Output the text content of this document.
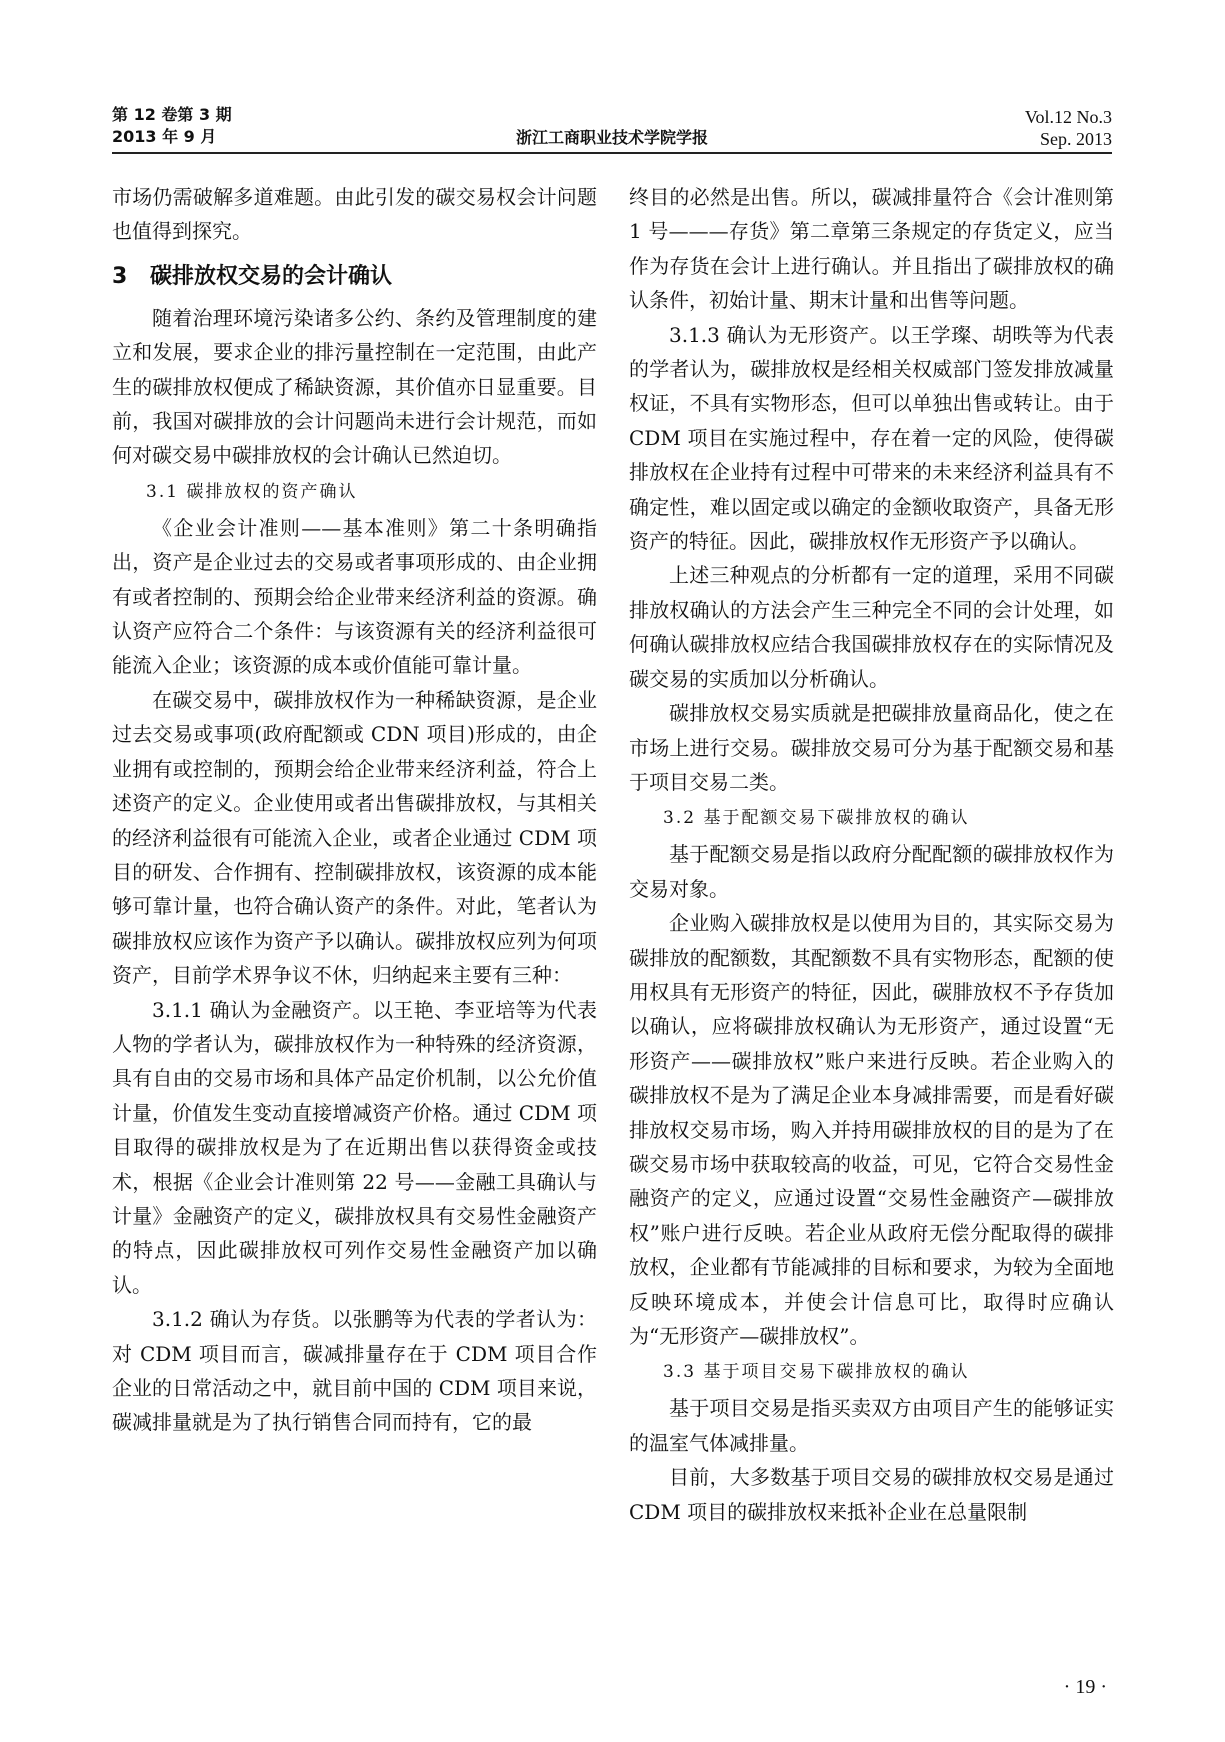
第 12 卷第 3 期
2013 年 9 月	浙江工商职业技术学院学报
Vol.12 No.3
Sep. 2013

市场仍需破解多道难题。由此引发的碳交易权会计问题也值得到探究。

3 碳排放权交易的会计确认

随着治理环境污染诸多公约、条约及管理制度的建立和发展，要求企业的排污量控制在一定范围，由此产生的碳排放权便成了稀缺资源，其价值亦日显重要。目前，我国对碳排放的会计问题尚未进行会计规范，而如何对碳交易中碳排放权的会计确认已然迫切。

3.1 碳排放权的资产确认

《企业会计准则——基本准则》第二十条明确指出，资产是企业过去的交易或者事项形成的、由企业拥有或者控制的、预期会给企业带来经济利益的资源。确认资产应符合二个条件：与该资源有关的经济利益很可能流入企业；该资源的成本或价值能可靠计量。

在碳交易中，碳排放权作为一种稀缺资源，是企业过去交易或事项(政府配额或 CDN 项目)形成的，由企业拥有或控制的，预期会给企业带来经济利益，符合上述资产的定义。企业使用或者出售碳排放权，与其相关的经济利益很有可能流入企业，或者企业通过 CDM 项目的研发、合作拥有、控制碳排放权，该资源的成本能够可靠计量，也符合确认资产的条件。对此，笔者认为碳排放权应该作为资产予以确认。碳排放权应列为何项资产，目前学术界争议不休，归纳起来主要有三种：

3.1.1 确认为金融资产。以王艳、李亚培等为代表人物的学者认为，碳排放权作为一种特殊的经济资源，具有自由的交易市场和具体产品定价机制，以公允价值计量，价值发生变动直接增减资产价格。通过 CDM 项目取得的碳排放权是为了在近期出售以获得资金或技术，根据《企业会计准则第 22 号——金融工具确认与计量》金融资产的定义，碳排放权具有交易性金融资产的特点，因此碳排放权可列作交易性金融资产加以确认。

3.1.2 确认为存货。以张鹏等为代表的学者认为：对 CDM 项目而言，碳减排量存在于 CDM 项目合作企业的日常活动之中，就目前中国的 CDM 项目来说，碳减排量就是为了执行销售合同而持有，它的最

终目的必然是出售。所以，碳减排量符合《会计准则第 1 号———存货》第二章第三条规定的存货定义，应当作为存货在会计上进行确认。并且指出了碳排放权的确认条件，初始计量、期末计量和出售等问题。

3.1.3 确认为无形资产。以王学璨、胡昳等为代表的学者认为，碳排放权是经相关权威部门签发排放减量权证，不具有实物形态，但可以单独出售或转让。由于 CDM 项目在实施过程中，存在着一定的风险，使得碳排放权在企业持有过程中可带来的未来经济利益具有不确定性，难以固定或以确定的金额收取资产，具备无形资产的特征。因此，碳排放权作无形资产予以确认。

上述三种观点的分析都有一定的道理，采用不同碳排放权确认的方法会产生三种完全不同的会计处理，如何确认碳排放权应结合我国碳排放权存在的实际情况及碳交易的实质加以分析确认。

碳排放权交易实质就是把碳排放量商品化，使之在市场上进行交易。碳排放交易可分为基于配额交易和基于项目交易二类。

3.2 基于配额交易下碳排放权的确认

基于配额交易是指以政府分配配额的碳排放权作为交易对象。

企业购入碳排放权是以使用为目的，其实际交易为碳排放的配额数，其配额数不具有实物形态，配额的使用权具有无形资产的特征，因此，碳腓放权不予存货加以确认，应将碳排放权确认为无形资产，通过设置“无形资产——碳排放权”账户来进行反映。若企业购入的碳排放权不是为了满足企业本身减排需要，而是看好碳排放权交易市场，购入并持用碳排放权的目的是为了在碳交易市场中获取较高的收益，可见，它符合交易性金融资产的定义，应通过设置“交易性金融资产—碳排放权”账户进行反映。若企业从政府无偿分配取得的碳排放权，企业都有节能减排的目标和要求，为较为全面地反映环境成本，并使会计信息可比，取得时应确认为“无形资产—碳排放权”。

3.3 基于项目交易下碳排放权的确认

基于项目交易是指买卖双方由项目产生的能够证实的温室气体减排量。

目前，大多数基于项目交易的碳排放权交易是通过 CDM 项目的碳排放权来抵补企业在总量限制

· 19 ·
